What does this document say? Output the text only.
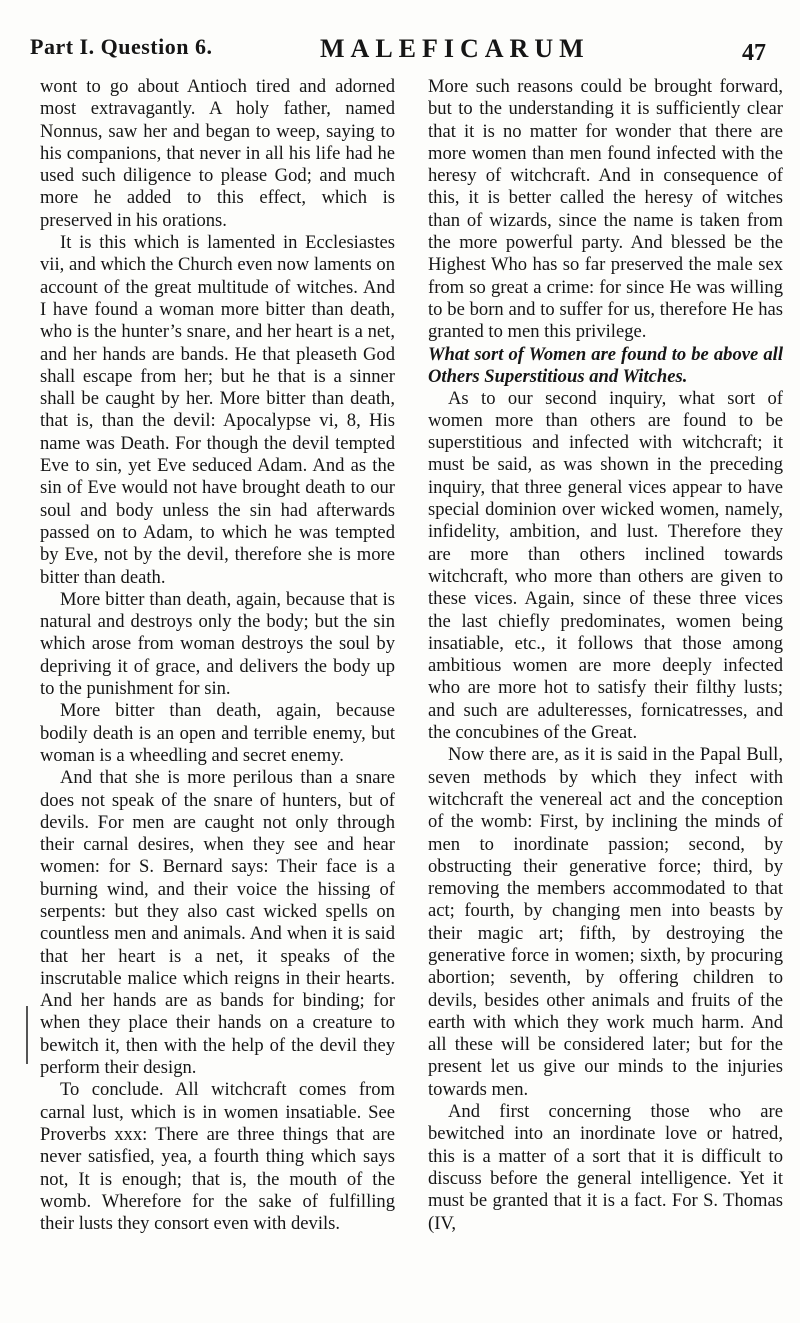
Part I. Question 6.	MALEFICARUM	47

wont to go about Antioch tired and adorned most extravagantly. A holy father, named Nonnus, saw her and began to weep, saying to his companions, that never in all his life had he used such diligence to please God; and much more he added to this effect, which is preserved in his orations.

It is this which is lamented in Ecclesiastes vii, and which the Church even now laments on account of the great multitude of witches. And I have found a woman more bitter than death, who is the hunter’s snare, and her heart is a net, and her hands are bands. He that pleaseth God shall escape from her; but he that is a sinner shall be caught by her. More bitter than death, that is, than the devil: Apocalypse vi, 8, His name was Death. For though the devil tempted Eve to sin, yet Eve seduced Adam. And as the sin of Eve would not have brought death to our soul and body unless the sin had afterwards passed on to Adam, to which he was tempted by Eve, not by the devil, therefore she is more bitter than death.

More bitter than death, again, because that is natural and destroys only the body; but the sin which arose from woman destroys the soul by depriving it of grace, and delivers the body up to the punishment for sin.

More bitter than death, again, because bodily death is an open and terrible enemy, but woman is a wheedling and secret enemy.

And that she is more perilous than a snare does not speak of the snare of hunters, but of devils. For men are caught not only through their carnal desires, when they see and hear women: for S. Bernard says: Their face is a burning wind, and their voice the hissing of serpents: but they also cast wicked spells on countless men and animals. And when it is said that her heart is a net, it speaks of the inscrutable malice which reigns in their hearts. And her hands are as bands for binding; for when they place their hands on a creature to bewitch it, then with the help of the devil they perform their design.

To conclude. All witchcraft comes from carnal lust, which is in women insatiable. See Proverbs xxx: There are three things that are never satisfied, yea, a fourth thing which says not, It is enough; that is, the mouth of the womb. Wherefore for the sake of fulfilling their lusts they consort even with devils.

More such reasons could be brought forward, but to the understanding it is sufficiently clear that it is no matter for wonder that there are more women than men found infected with the heresy of witchcraft. And in consequence of this, it is better called the heresy of witches than of wizards, since the name is taken from the more powerful party. And blessed be the Highest Who has so far preserved the male sex from so great a crime: for since He was willing to be born and to suffer for us, therefore He has granted to men this privilege.

What sort of Women are found to be above all Others Superstitious and Witches.

As to our second inquiry, what sort of women more than others are found to be superstitious and infected with witchcraft; it must be said, as was shown in the preceding inquiry, that three general vices appear to have special dominion over wicked women, namely, infidelity, ambition, and lust. Therefore they are more than others inclined towards witchcraft, who more than others are given to these vices. Again, since of these three vices the last chiefly predominates, women being insatiable, etc., it follows that those among ambitious women are more deeply infected who are more hot to satisfy their filthy lusts; and such are adulteresses, fornicatresses, and the concubines of the Great.

Now there are, as it is said in the Papal Bull, seven methods by which they infect with witchcraft the venereal act and the conception of the womb: First, by inclining the minds of men to inordinate passion; second, by obstructing their generative force; third, by removing the members accommodated to that act; fourth, by changing men into beasts by their magic art; fifth, by destroying the generative force in women; sixth, by procuring abortion; seventh, by offering children to devils, besides other animals and fruits of the earth with which they work much harm. And all these will be considered later; but for the present let us give our minds to the injuries towards men.

And first concerning those who are bewitched into an inordinate love or hatred, this is a matter of a sort that it is difficult to discuss before the general intelligence. Yet it must be granted that it is a fact. For S. Thomas (IV,
